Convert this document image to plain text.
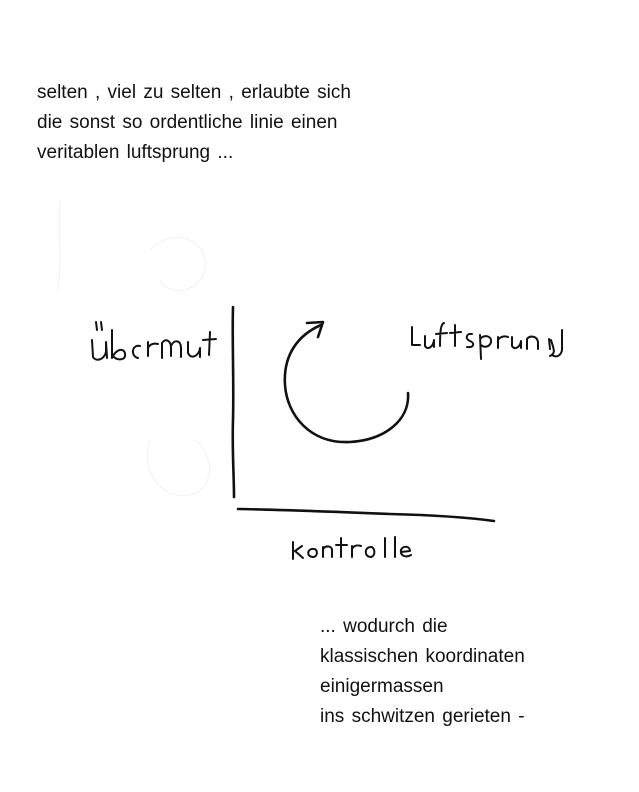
selten , viel zu selten , erlaubte sich
die sonst so ordentliche linie einen
veritablen luftsprung ...
übermut	luftsprung
kontrolle
... wodurch die
klassischen koordinaten
einigermassen
ins schwitzen gerieten -
